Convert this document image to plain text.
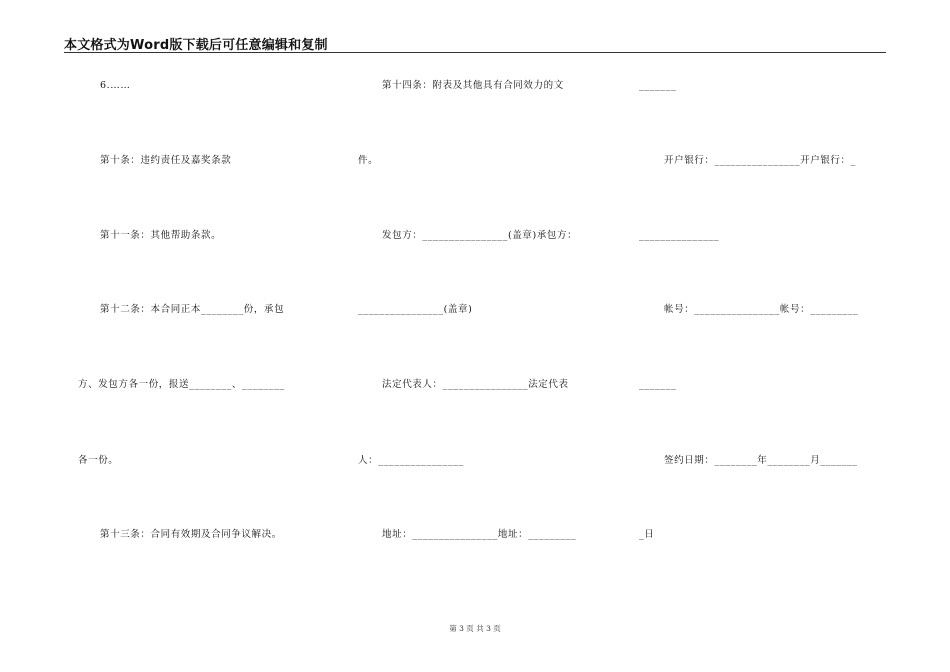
本文格式为Word版下载后可任意编辑和复制
6.……
第十条：违约责任及嘉奖条款
第十一条：其他帮助条款。
第十二条：本合同正本________份，承包
方、发包方各一份，报送________、________
各一份。
第十三条：合同有效期及合同争议解决。
第十四条：附表及其他具有合同效力的文
件。
发包方：________________(盖章)承包方：
________________(盖章)
法定代表人：________________法定代表
人：________________
地址：________________地址：_________
_______
开户银行：________________开户银行：_
_______________
帐号：________________帐号：_________
_______
签约日期：________年________月_______
_日
第 3 页 共 3 页
